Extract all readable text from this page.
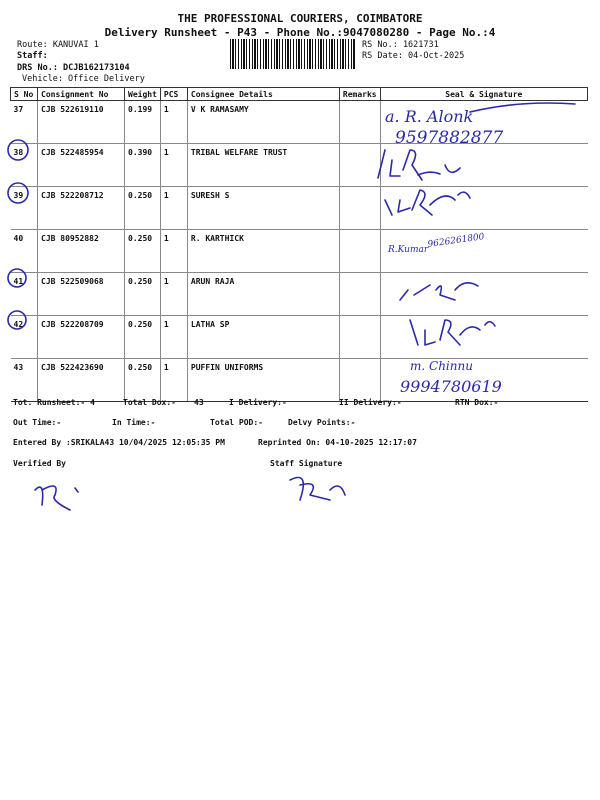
THE PROFESSIONAL COURIERS, COIMBATORE
Delivery Runsheet - P43 - Phone No.:9047080280 - Page No.:4
Route: KANUVAI 1
Staff:
DRS No.: DCJB162173104
Vehicle: Office Delivery
RS No.: 1621731
RS Date: 04-Oct-2025
S No	Consignment No	Weight	PCS	Consignee Details	Remarks	Seal & Signature
37	CJB 522619110	0.199	1	V K RAMASAMY		
38	CJB 522485954	0.390	1	TRIBAL WELFARE TRUST		
39	CJB 522208712	0.250	1	SURESH S		
40	CJB 80952882	0.250	1	R. KARTHICK		
41	CJB 522509068	0.250	1	ARUN RAJA		
42	CJB 522208709	0.250	1	LATHA SP		
43	CJB 522423690	0.250	1	PUFFIN UNIFORMS		
a. R. Alonk
9597882877
R.Kumar
9626261800
m. Chinnu
9994780619
Tot. Runsheet:- 4	Total Dox:- 43	I Delivery:-	II Delivery:-	RTN Dox:-
Out Time:-	In Time:-	Total POD:-	Delvy Points:-
Entered By :SRIKALA43 10/04/2025 12:05:35 PM	Reprinted On: 04-10-2025 12:17:07
Verified By	Staff Signature
